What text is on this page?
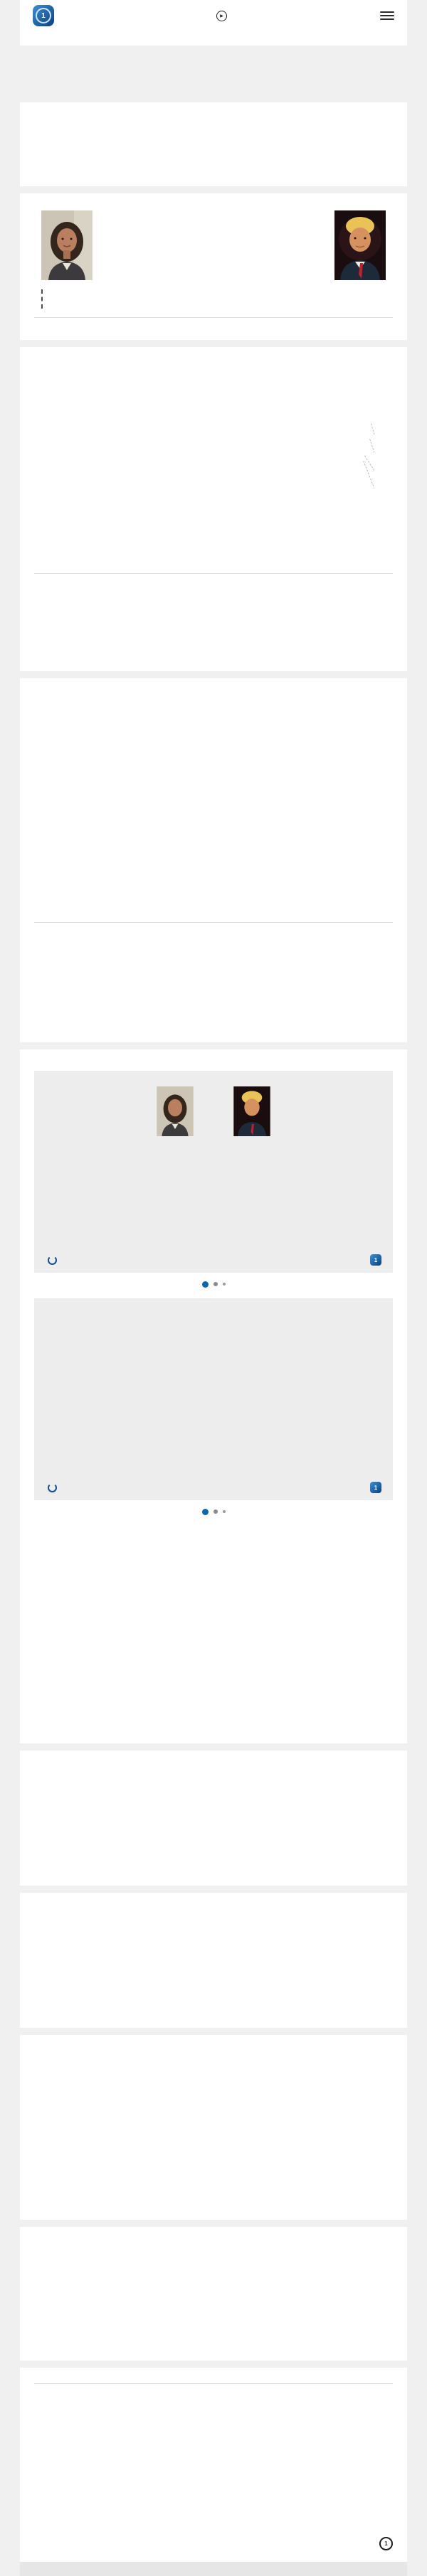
1	▶

1
1

1
